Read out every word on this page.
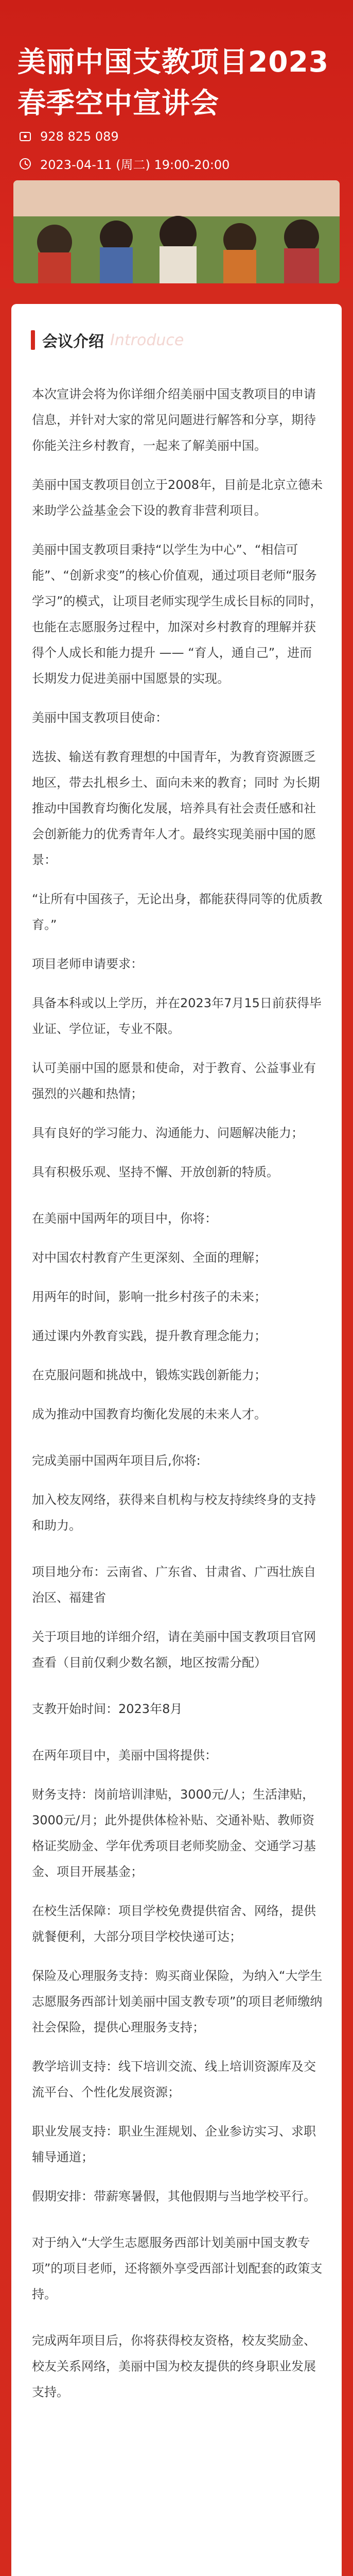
美丽中国支教项目2023春季空中宣讲会
928 825 089
2023-04-11 (周二) 19:00-20:00
会议介绍 Introduce

本次宣讲会将为你详细介绍美丽中国支教项目的申请信息，并针对大家的常见问题进行解答和分享，期待你能关注乡村教育，一起来了解美丽中国。

美丽中国支教项目创立于2008年，目前是北京立德未来助学公益基金会下设的教育非营利项目。

美丽中国支教项目秉持“以学生为中心”、“相信可能”、“创新求变”的核心价值观，通过项目老师“服务学习”的模式，让项目老师实现学生成长目标的同时，也能在志愿服务过程中，加深对乡村教育的理解并获得个人成长和能力提升 —— “育人，通自己”，进而长期发力促进美丽中国愿景的实现。

美丽中国支教项目使命：

选拔、输送有教育理想的中国青年，为教育资源匮乏地区，带去扎根乡土、面向未来的教育；同时 为长期推动中国教育均衡化发展，培养具有社会责任感和社会创新能力的优秀青年人才。最终实现美丽中国的愿景：

“让所有中国孩子，无论出身，都能获得同等的优质教育。”

项目老师申请要求：

具备本科或以上学历，并在2023年7月15日前获得毕业证、学位证，专业不限。

认可美丽中国的愿景和使命，对于教育、公益事业有强烈的兴趣和热情；

具有良好的学习能力、沟通能力、问题解决能力；

具有积极乐观、坚持不懈、开放创新的特质。

在美丽中国两年的项目中，你将：

对中国农村教育产生更深刻、全面的理解；

用两年的时间，影响一批乡村孩子的未来；

通过课内外教育实践，提升教育理念能力；

在克服问题和挑战中，锻炼实践创新能力；

成为推动中国教育均衡化发展的未来人才。

完成美丽中国两年项目后,你将:

加入校友网络，获得来自机构与校友持续终身的支持和助力。

项目地分布：云南省、广东省、甘肃省、广西壮族自治区、福建省

关于项目地的详细介绍，请在美丽中国支教项目官网查看（目前仅剩少数名额，地区按需分配）

支教开始时间：2023年8月

在两年项目中，美丽中国将提供：

财务支持：岗前培训津贴，3000元/人；生活津贴，3000元/月；此外提供体检补贴、交通补贴、教师资格证奖励金、学年优秀项目老师奖励金、交通学习基金、项目开展基金；

在校生活保障：项目学校免费提供宿舍、网络，提供就餐便利，大部分项目学校快递可达；

保险及心理服务支持：购买商业保险，为纳入“大学生志愿服务西部计划美丽中国支教专项”的项目老师缴纳社会保险，提供心理服务支持；

教学培训支持：线下培训交流、线上培训资源库及交流平台、个性化发展资源；

职业发展支持：职业生涯规划、企业参访实习、求职辅导通道；

假期安排：带薪寒暑假，其他假期与当地学校平行。

对于纳入“大学生志愿服务西部计划美丽中国支教专项”的项目老师，还将额外享受西部计划配套的政策支持。

完成两年项目后，你将获得校友资格，校友奖励金、校友关系网络，美丽中国为校友提供的终身职业发展支持。
